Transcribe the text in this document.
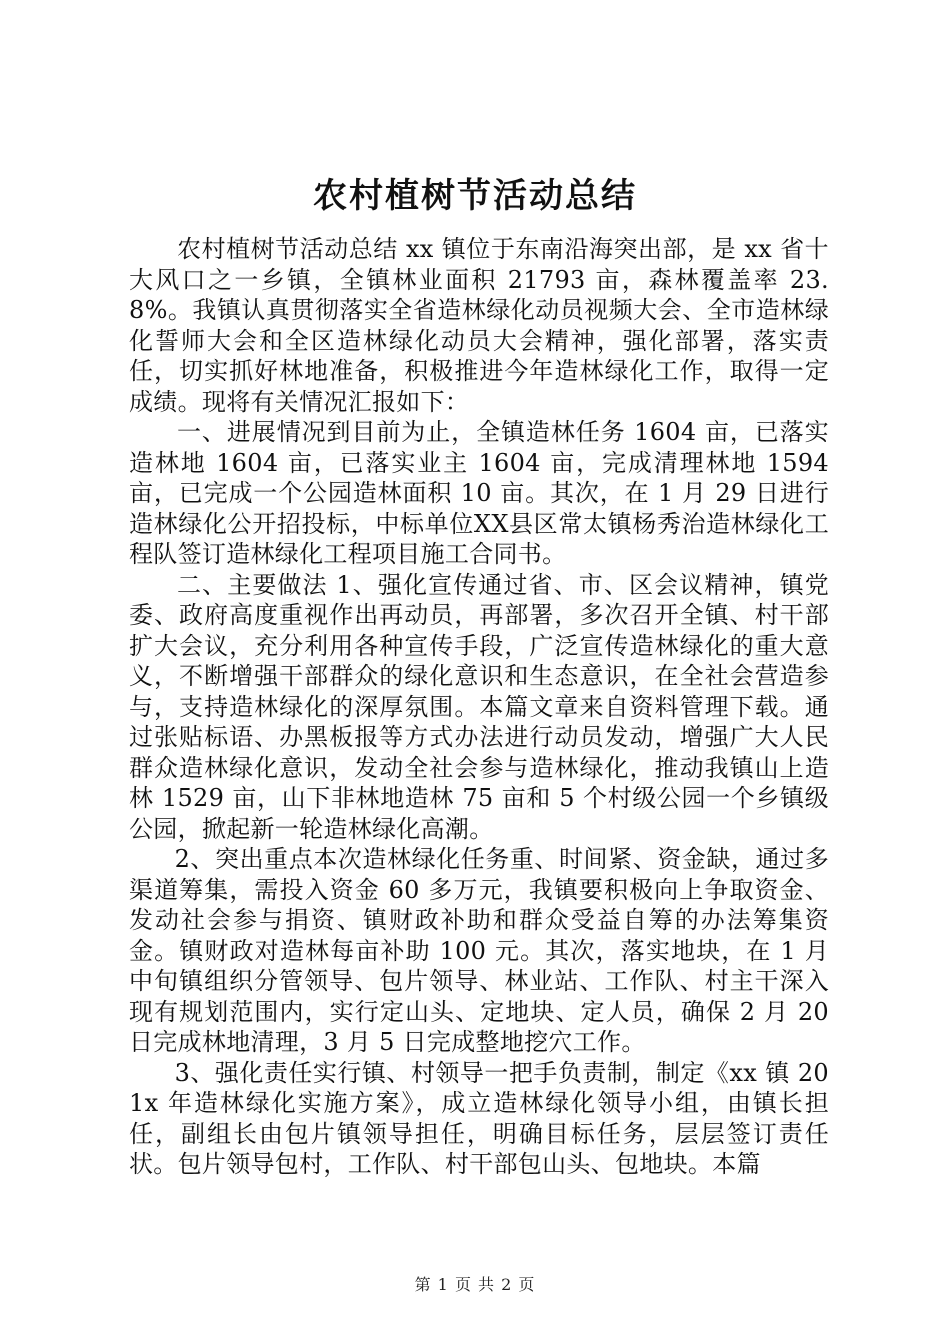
农村植树节活动总结

农村植树节活动总结 xx 镇位于东南沿海突出部，是 xx 省十大风口之一乡镇，全镇林业面积 21793 亩，森林覆盖率 23.8%。我镇认真贯彻落实全省造林绿化动员视频大会、全市造林绿化誓师大会和全区造林绿化动员大会精神，强化部署，落实责任，切实抓好林地准备，积极推进今年造林绿化工作，取得一定成绩。现将有关情况汇报如下：

一、进展情况到目前为止，全镇造林任务 1604 亩，已落实造林地 1604 亩，已落实业主 1604 亩，完成清理林地 1594 亩，已完成一个公园造林面积 10 亩。其次，在 1 月 29 日进行造林绿化公开招投标，中标单位XX县区常太镇杨秀治造林绿化工程队签订造林绿化工程项目施工合同书。

二、主要做法 1、强化宣传通过省、市、区会议精神，镇党委、政府高度重视作出再动员，再部署，多次召开全镇、村干部扩大会议，充分利用各种宣传手段，广泛宣传造林绿化的重大意义，不断增强干部群众的绿化意识和生态意识，在全社会营造参与，支持造林绿化的深厚氛围。本篇文章来自资料管理下载。通过张贴标语、办黑板报等方式办法进行动员发动，增强广大人民群众造林绿化意识，发动全社会参与造林绿化，推动我镇山上造林 1529 亩，山下非林地造林 75 亩和 5 个村级公园一个乡镇级公园，掀起新一轮造林绿化高潮。

2、突出重点本次造林绿化任务重、时间紧、资金缺，通过多渠道筹集，需投入资金 60 多万元，我镇要积极向上争取资金、发动社会参与捐资、镇财政补助和群众受益自筹的办法筹集资金。镇财政对造林每亩补助 100 元。其次，落实地块，在 1 月中旬镇组织分管领导、包片领导、林业站、工作队、村主干深入现有规划范围内，实行定山头、定地块、定人员，确保 2 月 20 日完成林地清理，3 月 5 日完成整地挖穴工作。

3、强化责任实行镇、村领导一把手负责制，制定《xx 镇 201x 年造林绿化实施方案》，成立造林绿化领导小组，由镇长担任，副组长由包片镇领导担任，明确目标任务，层层签订责任状。包片领导包村，工作队、村干部包山头、包地块。本篇

第 1 页 共 2 页
